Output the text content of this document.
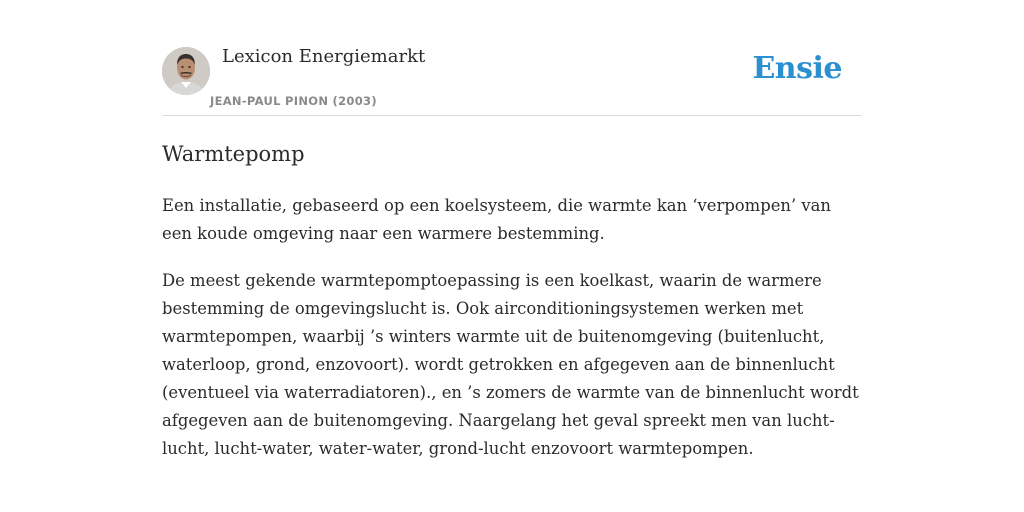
Lexicon Energiemarkt
JEAN-PAUL PINON (2003)
Ensie
Warmtepomp

Een installatie, gebaseerd op een koelsysteem, die warmte kan ‘verpompen’ van een koude omgeving naar een warmere bestemming.

De meest gekende warmtepomptoepassing is een koelkast, waarin de warmere bestemming de omgevingslucht is. Ook airconditioningsystemen werken met warmtepompen, waarbij ’s winters warmte uit de buitenomgeving (buitenlucht, waterloop, grond, enzovoort). wordt getrokken en afgegeven aan de binnenlucht (eventueel via waterradiatoren)., en ’s zomers de warmte van de binnenlucht wordt afgegeven aan de buitenomgeving. Naargelang het geval spreekt men van lucht-lucht, lucht-water, water-water, grond-lucht enzovoort warmtepompen.
